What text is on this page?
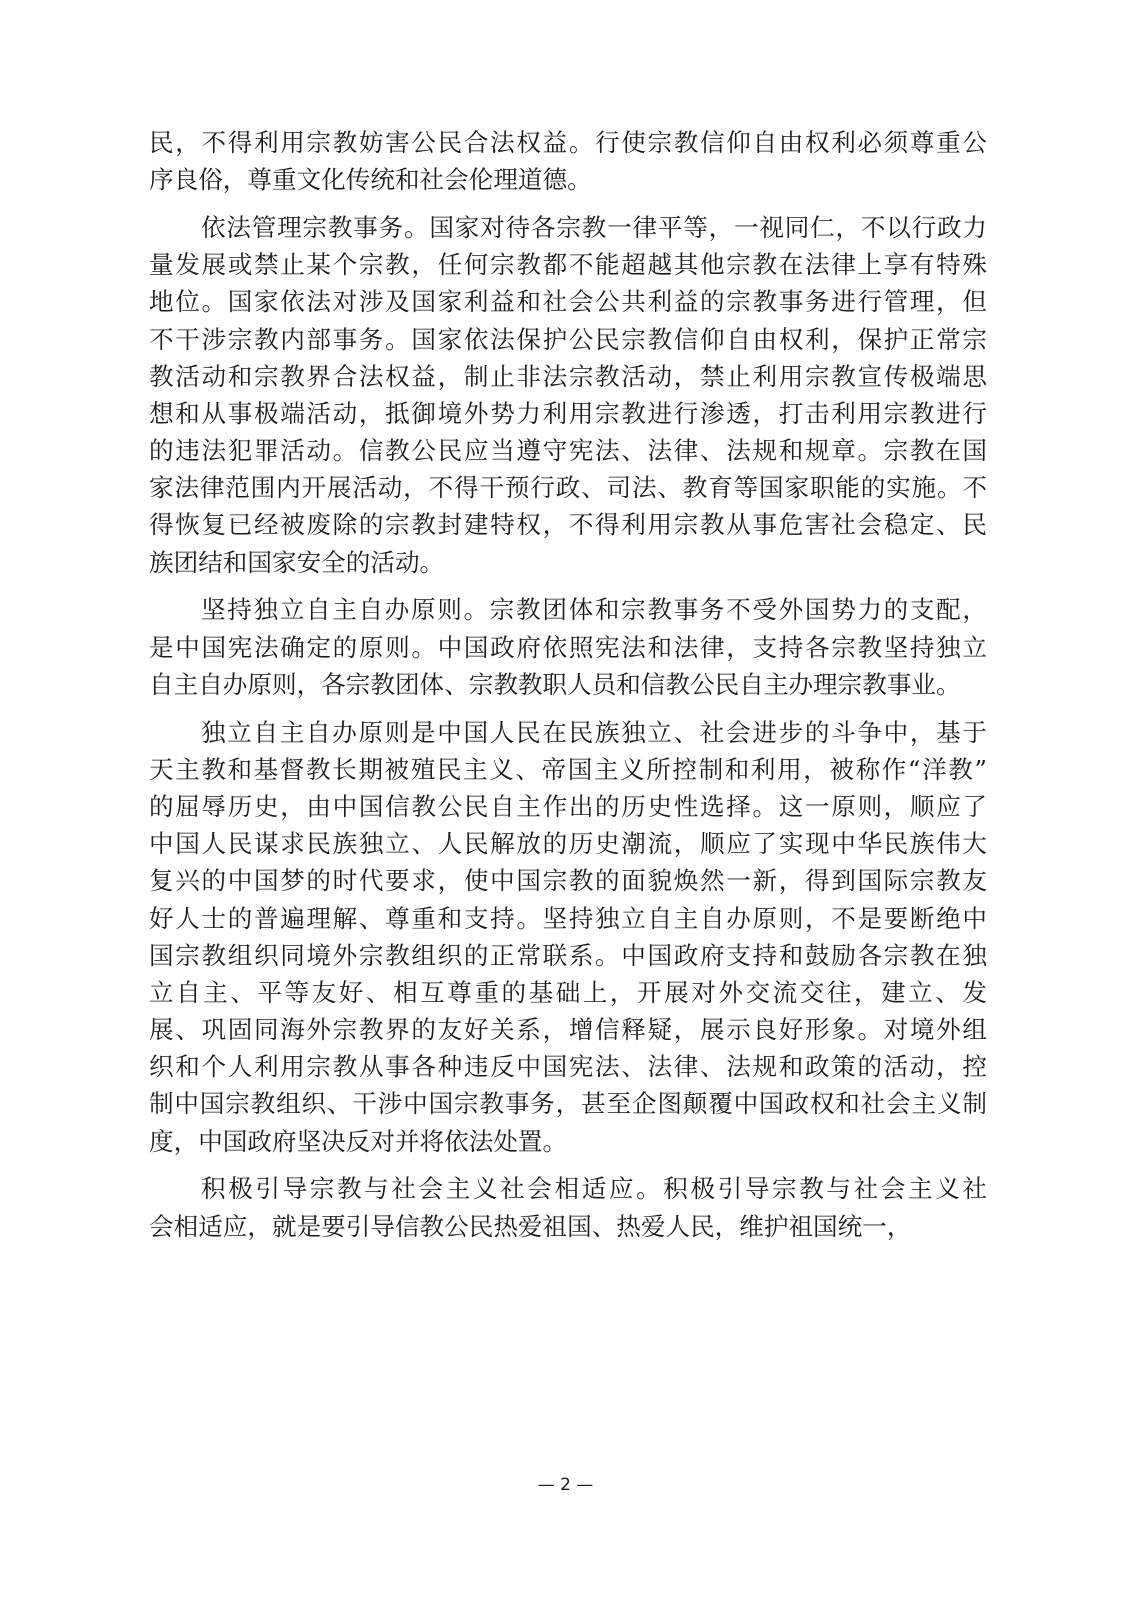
民，不得利用宗教妨害公民合法权益。行使宗教信仰自由权利必须尊重公
序良俗，尊重文化传统和社会伦理道德。
依法管理宗教事务。国家对待各宗教一律平等，一视同仁，不以行政力
量发展或禁止某个宗教，任何宗教都不能超越其他宗教在法律上享有特殊
地位。国家依法对涉及国家利益和社会公共利益的宗教事务进行管理，但
不干涉宗教内部事务。国家依法保护公民宗教信仰自由权利，保护正常宗
教活动和宗教界合法权益，制止非法宗教活动，禁止利用宗教宣传极端思
想和从事极端活动，抵御境外势力利用宗教进行渗透，打击利用宗教进行
的违法犯罪活动。信教公民应当遵守宪法、法律、法规和规章。宗教在国
家法律范围内开展活动，不得干预行政、司法、教育等国家职能的实施。不
得恢复已经被废除的宗教封建特权，不得利用宗教从事危害社会稳定、民
族团结和国家安全的活动。
坚持独立自主自办原则。宗教团体和宗教事务不受外国势力的支配，
是中国宪法确定的原则。中国政府依照宪法和法律，支持各宗教坚持独立
自主自办原则，各宗教团体、宗教教职人员和信教公民自主办理宗教事业。
独立自主自办原则是中国人民在民族独立、社会进步的斗争中，基于
天主教和基督教长期被殖民主义、帝国主义所控制和利用，被称作“洋教”
的屈辱历史，由中国信教公民自主作出的历史性选择。这一原则，顺应了
中国人民谋求民族独立、人民解放的历史潮流，顺应了实现中华民族伟大
复兴的中国梦的时代要求，使中国宗教的面貌焕然一新，得到国际宗教友
好人士的普遍理解、尊重和支持。坚持独立自主自办原则，不是要断绝中
国宗教组织同境外宗教组织的正常联系。中国政府支持和鼓励各宗教在独
立自主、平等友好、相互尊重的基础上，开展对外交流交往，建立、发
展、巩固同海外宗教界的友好关系，增信释疑，展示良好形象。对境外组
织和个人利用宗教从事各种违反中国宪法、法律、法规和政策的活动，控
制中国宗教组织、干涉中国宗教事务，甚至企图颠覆中国政权和社会主义制
度，中国政府坚决反对并将依法处置。
积极引导宗教与社会主义社会相适应。积极引导宗教与社会主义社
会相适应，就是要引导信教公民热爱祖国、热爱人民，维护祖国统一，
— 2 —
